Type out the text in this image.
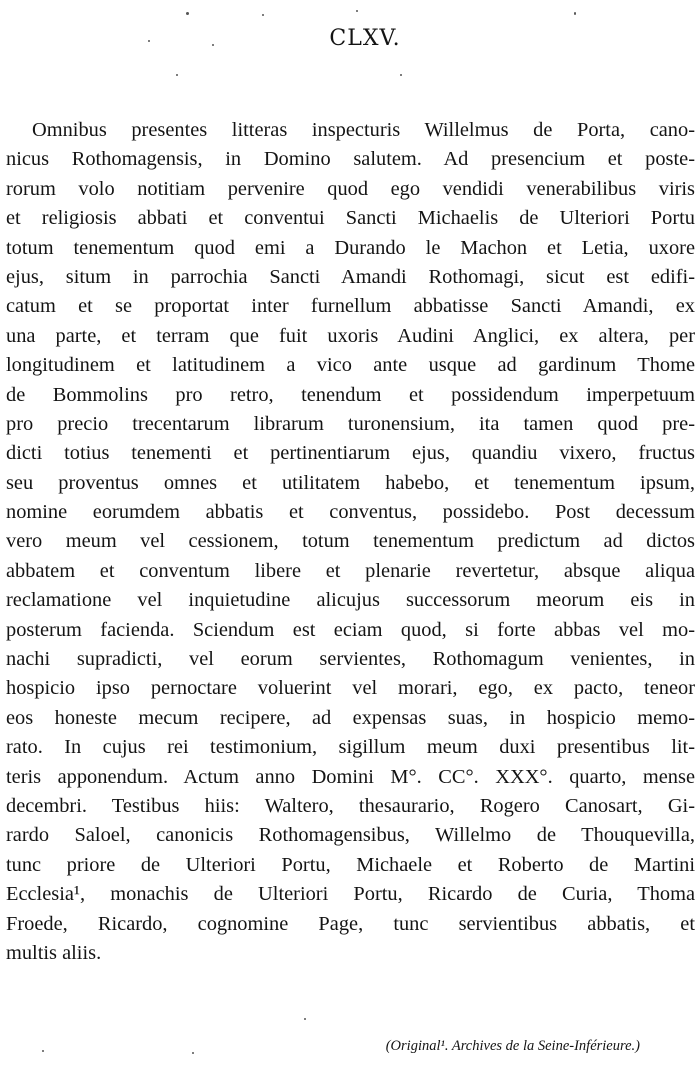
CLXV.
Omnibus presentes litteras inspecturis Willelmus de Porta, cano-
nicus Rothomagensis, in Domino salutem. Ad presencium et poste-
rorum volo notitiam pervenire quod ego vendidi venerabilibus viris
et religiosis abbati et conventui Sancti Michaelis de Ulteriori Portu
totum tenementum quod emi a Durando le Machon et Letia, uxore
ejus, situm in parrochia Sancti Amandi Rothomagi, sicut est edifi-
catum et se proportat inter furnellum abbatisse Sancti Amandi, ex
una parte, et terram que fuit uxoris Audini Anglici, ex altera, per
longitudinem et latitudinem a vico ante usque ad gardinum Thome
de Bommolins pro retro, tenendum et possidendum imperpetuum
pro precio trecentarum librarum turonensium, ita tamen quod pre-
dicti totius tenementi et pertinentiarum ejus, quandiu vixero, fructus
seu proventus omnes et utilitatem habebo, et tenementum ipsum,
nomine eorumdem abbatis et conventus, possidebo. Post decessum
vero meum vel cessionem, totum tenementum predictum ad dictos
abbatem et conventum libere et plenarie revertetur, absque aliqua
reclamatione vel inquietudine alicujus successorum meorum eis in
posterum facienda. Sciendum est eciam quod, si forte abbas vel mo-
nachi supradicti, vel eorum servientes, Rothomagum venientes, in
hospicio ipso pernoctare voluerint vel morari, ego, ex pacto, teneor
eos honeste mecum recipere, ad expensas suas, in hospicio memo-
rato. In cujus rei testimonium, sigillum meum duxi presentibus lit-
teris apponendum. Actum anno Domini M°. CC°. XXX°. quarto, mense
decembri. Testibus hiis: Waltero, thesaurario, Rogero Canosart, Gi-
rardo Saloel, canonicis Rothomagensibus, Willelmo de Thouquevilla,
tunc priore de Ulteriori Portu, Michaele et Roberto de Martini
Ecclesia¹, monachis de Ulteriori Portu, Ricardo de Curia, Thoma
Froede, Ricardo, cognomine Page, tunc servientibus abbatis, et
multis aliis.
(Original¹. Archives de la Seine-Inférieure.)
